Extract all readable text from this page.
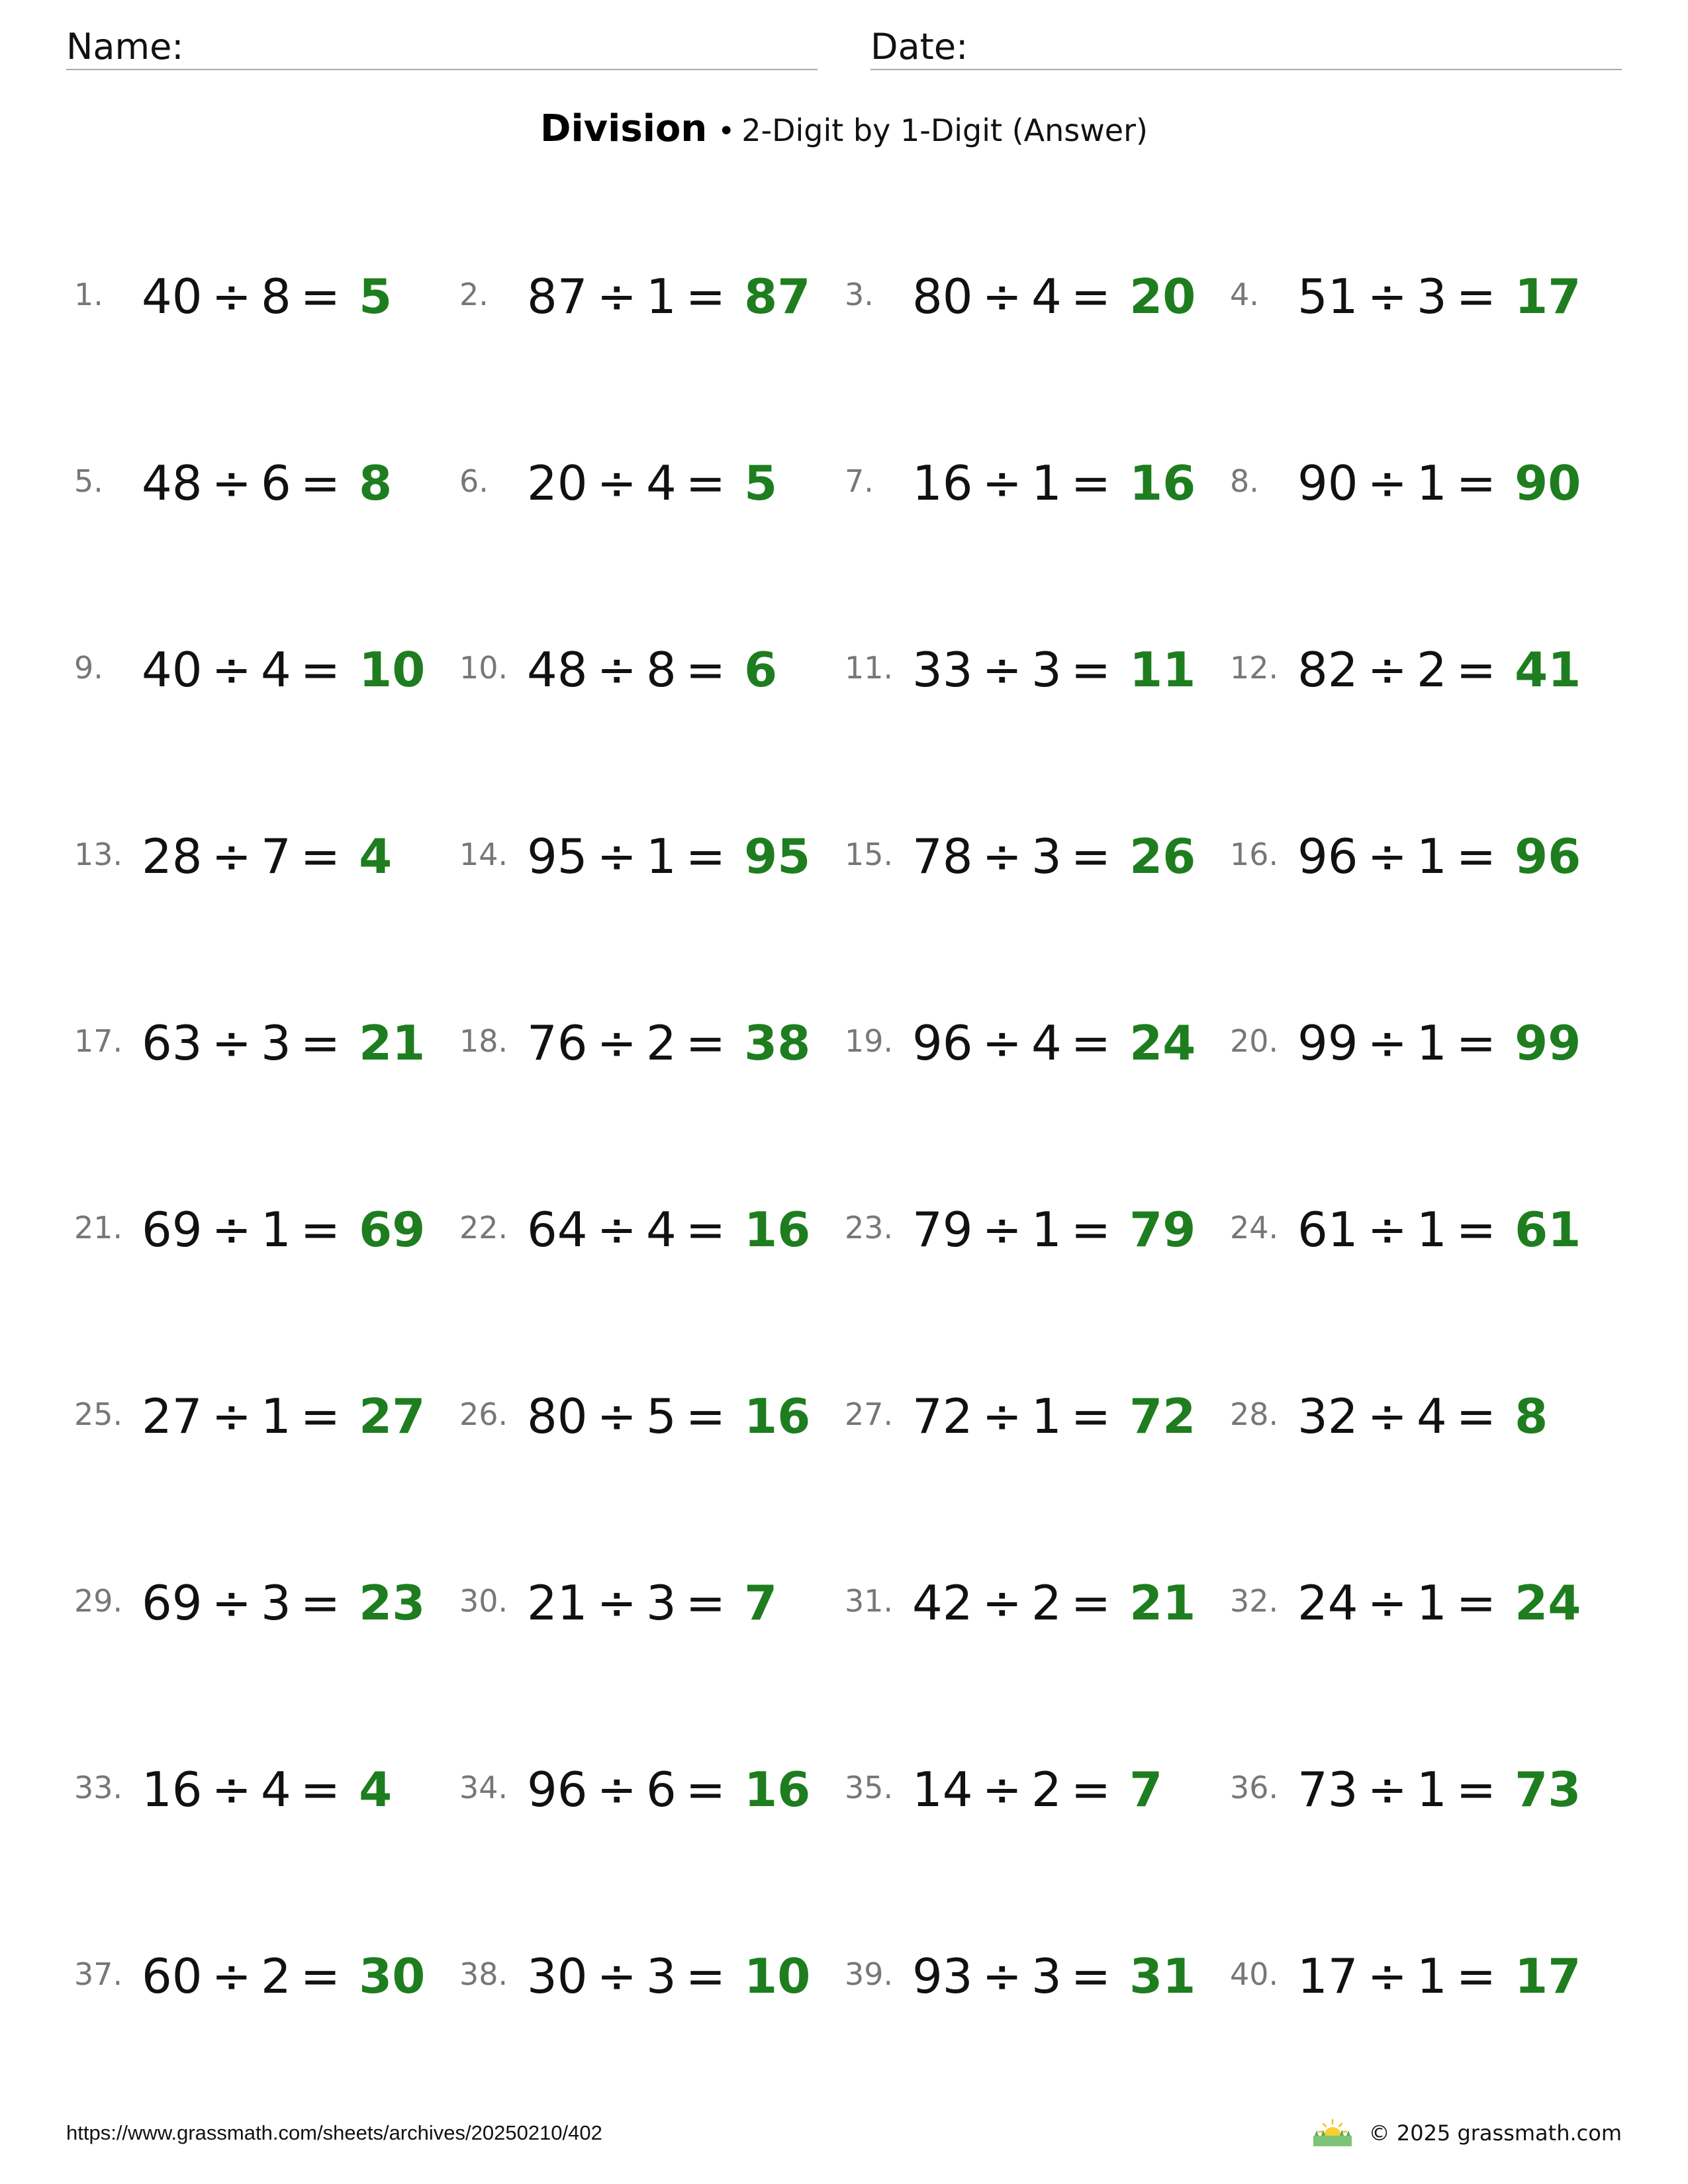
Name:	Date:
Division • 2-Digit by 1-Digit (Answer)
1. 40 ÷ 8 = 5 2. 87 ÷ 1 = 87 3. 80 ÷ 4 = 20 4. 51 ÷ 3 = 17
5. 48 ÷ 6 = 8 6. 20 ÷ 4 = 5 7. 16 ÷ 1 = 16 8. 90 ÷ 1 = 90
9. 40 ÷ 4 = 10 10. 48 ÷ 8 = 6 11. 33 ÷ 3 = 11 12. 82 ÷ 2 = 41
13. 28 ÷ 7 = 4 14. 95 ÷ 1 = 95 15. 78 ÷ 3 = 26 16. 96 ÷ 1 = 96
17. 63 ÷ 3 = 21 18. 76 ÷ 2 = 38 19. 96 ÷ 4 = 24 20. 99 ÷ 1 = 99
21. 69 ÷ 1 = 69 22. 64 ÷ 4 = 16 23. 79 ÷ 1 = 79 24. 61 ÷ 1 = 61
25. 27 ÷ 1 = 27 26. 80 ÷ 5 = 16 27. 72 ÷ 1 = 72 28. 32 ÷ 4 = 8
29. 69 ÷ 3 = 23 30. 21 ÷ 3 = 7 31. 42 ÷ 2 = 21 32. 24 ÷ 1 = 24
33. 16 ÷ 4 = 4 34. 96 ÷ 6 = 16 35. 14 ÷ 2 = 7 36. 73 ÷ 1 = 73
37. 60 ÷ 2 = 30 38. 30 ÷ 3 = 10 39. 93 ÷ 3 = 31 40. 17 ÷ 1 = 17
https://www.grassmath.com/sheets/archives/20250210/402	© 2025 grassmath.com
